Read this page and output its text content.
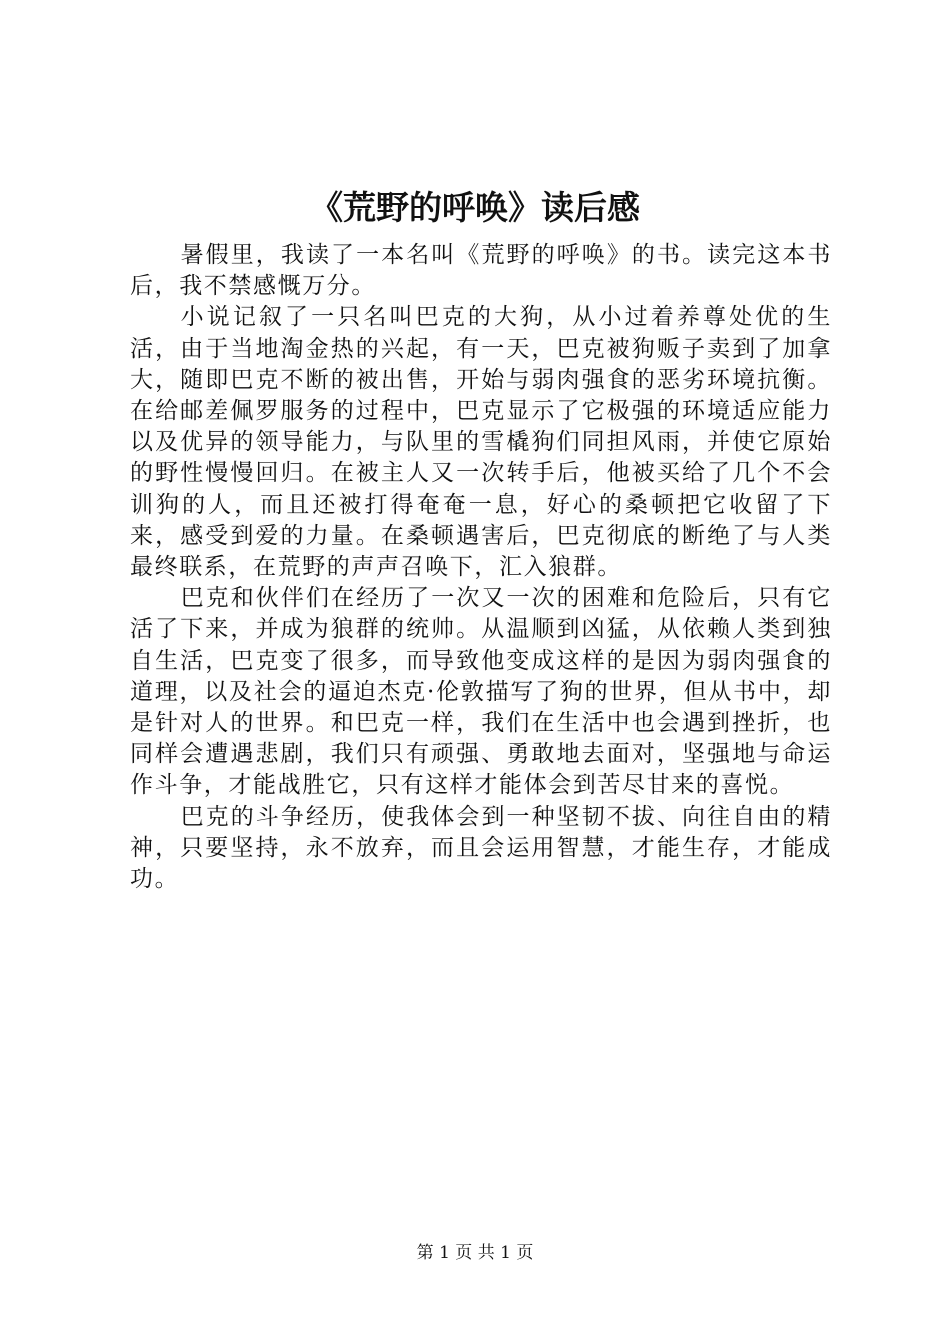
《荒野的呼唤》读后感

暑假里，我读了一本名叫《荒野的呼唤》的书。读完这本书后，我不禁感慨万分。

小说记叙了一只名叫巴克的大狗，从小过着养尊处优的生活，由于当地淘金热的兴起，有一天，巴克被狗贩子卖到了加拿大，随即巴克不断的被出售，开始与弱肉强食的恶劣环境抗衡。在给邮差佩罗服务的过程中，巴克显示了它极强的环境适应能力以及优异的领导能力，与队里的雪橇狗们同担风雨，并使它原始的野性慢慢回归。在被主人又一次转手后，他被买给了几个不会训狗的人，而且还被打得奄奄一息，好心的桑顿把它收留了下来，感受到爱的力量。在桑顿遇害后，巴克彻底的断绝了与人类最终联系，在荒野的声声召唤下，汇入狼群。

巴克和伙伴们在经历了一次又一次的困难和危险后，只有它活了下来，并成为狼群的统帅。从温顺到凶猛，从依赖人类到独自生活，巴克变了很多，而导致他变成这样的是因为弱肉强食的道理，以及社会的逼迫杰克·伦敦描写了狗的世界，但从书中，却是针对人的世界。和巴克一样，我们在生活中也会遇到挫折，也同样会遭遇悲剧，我们只有顽强、勇敢地去面对，坚强地与命运作斗争，才能战胜它，只有这样才能体会到苦尽甘来的喜悦。

巴克的斗争经历，使我体会到一种坚韧不拔、向往自由的精神，只要坚持，永不放弃，而且会运用智慧，才能生存，才能成功。

第 1 页 共 1 页
